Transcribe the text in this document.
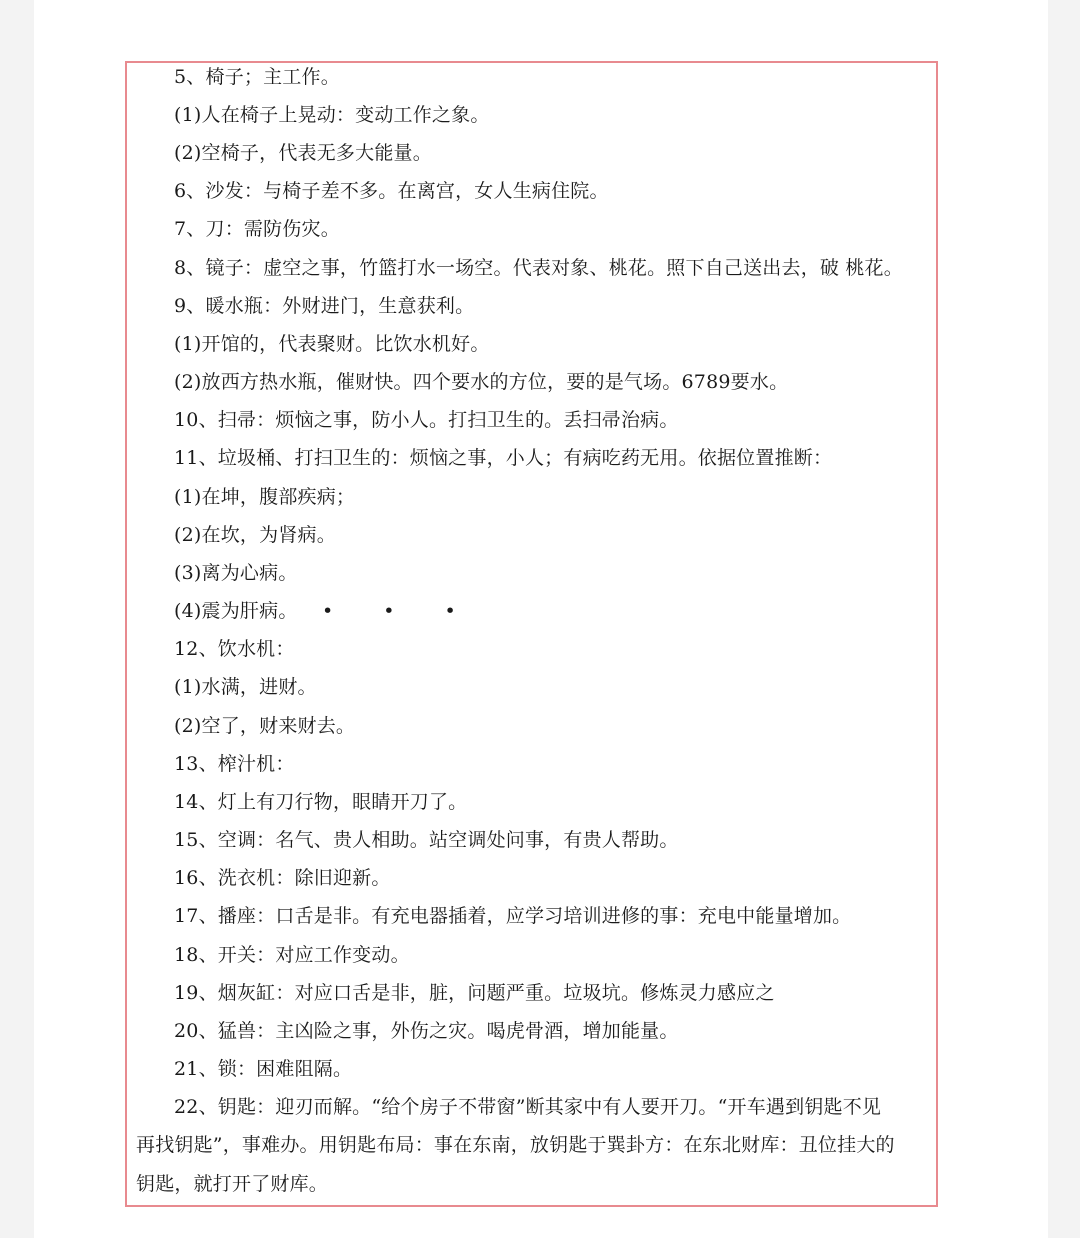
5、椅子；主工作。
(1)人在椅子上晃动：变动工作之象。
(2)空椅子，代表无多大能量。
6、沙发：与椅子差不多。在离宫，女人生病住院。
7、刀：需防伤灾。
8、镜子：虚空之事，竹篮打水一场空。代表对象、桃花。照下自己送出去，破 桃花。
9、暖水瓶：外财进门，生意获利。
(1)开馆的，代表聚财。比饮水机好。
(2)放西方热水瓶，催财快。四个要水的方位，要的是气场。6789要水。
10、扫帚：烦恼之事，防小人。打扫卫生的。丢扫帚治病。
11、垃圾桶、打扫卫生的：烦恼之事，小人；有病吃药无用。依据位置推断：
(1)在坤，腹部疾病；
(2)在坎，为肾病。
(3)离为心病。
(4)震为肝病。 • • •
12、饮水机：
(1)水满，进财。
(2)空了，财来财去。
13、榨汁机：
14、灯上有刀行物，眼睛开刀了。
15、空调：名气、贵人相助。站空调处问事，有贵人帮助。
16、洗衣机：除旧迎新。
17、播座：口舌是非。有充电器插着，应学习培训进修的事：充电中能量增加。
18、开关：对应工作变动。
19、烟灰缸：对应口舌是非，脏，问题严重。垃圾坑。修炼灵力感应之
20、猛兽：主凶险之事，外伤之灾。喝虎骨酒，增加能量。
21、锁：困难阻隔。
22、钥匙：迎刃而解。“给个房子不带窗”断其家中有人要开刀。“开车遇到钥匙不见
再找钥匙”，事难办。用钥匙布局：事在东南，放钥匙于巽卦方：在东北财库：丑位挂大的
钥匙，就打开了财库。
